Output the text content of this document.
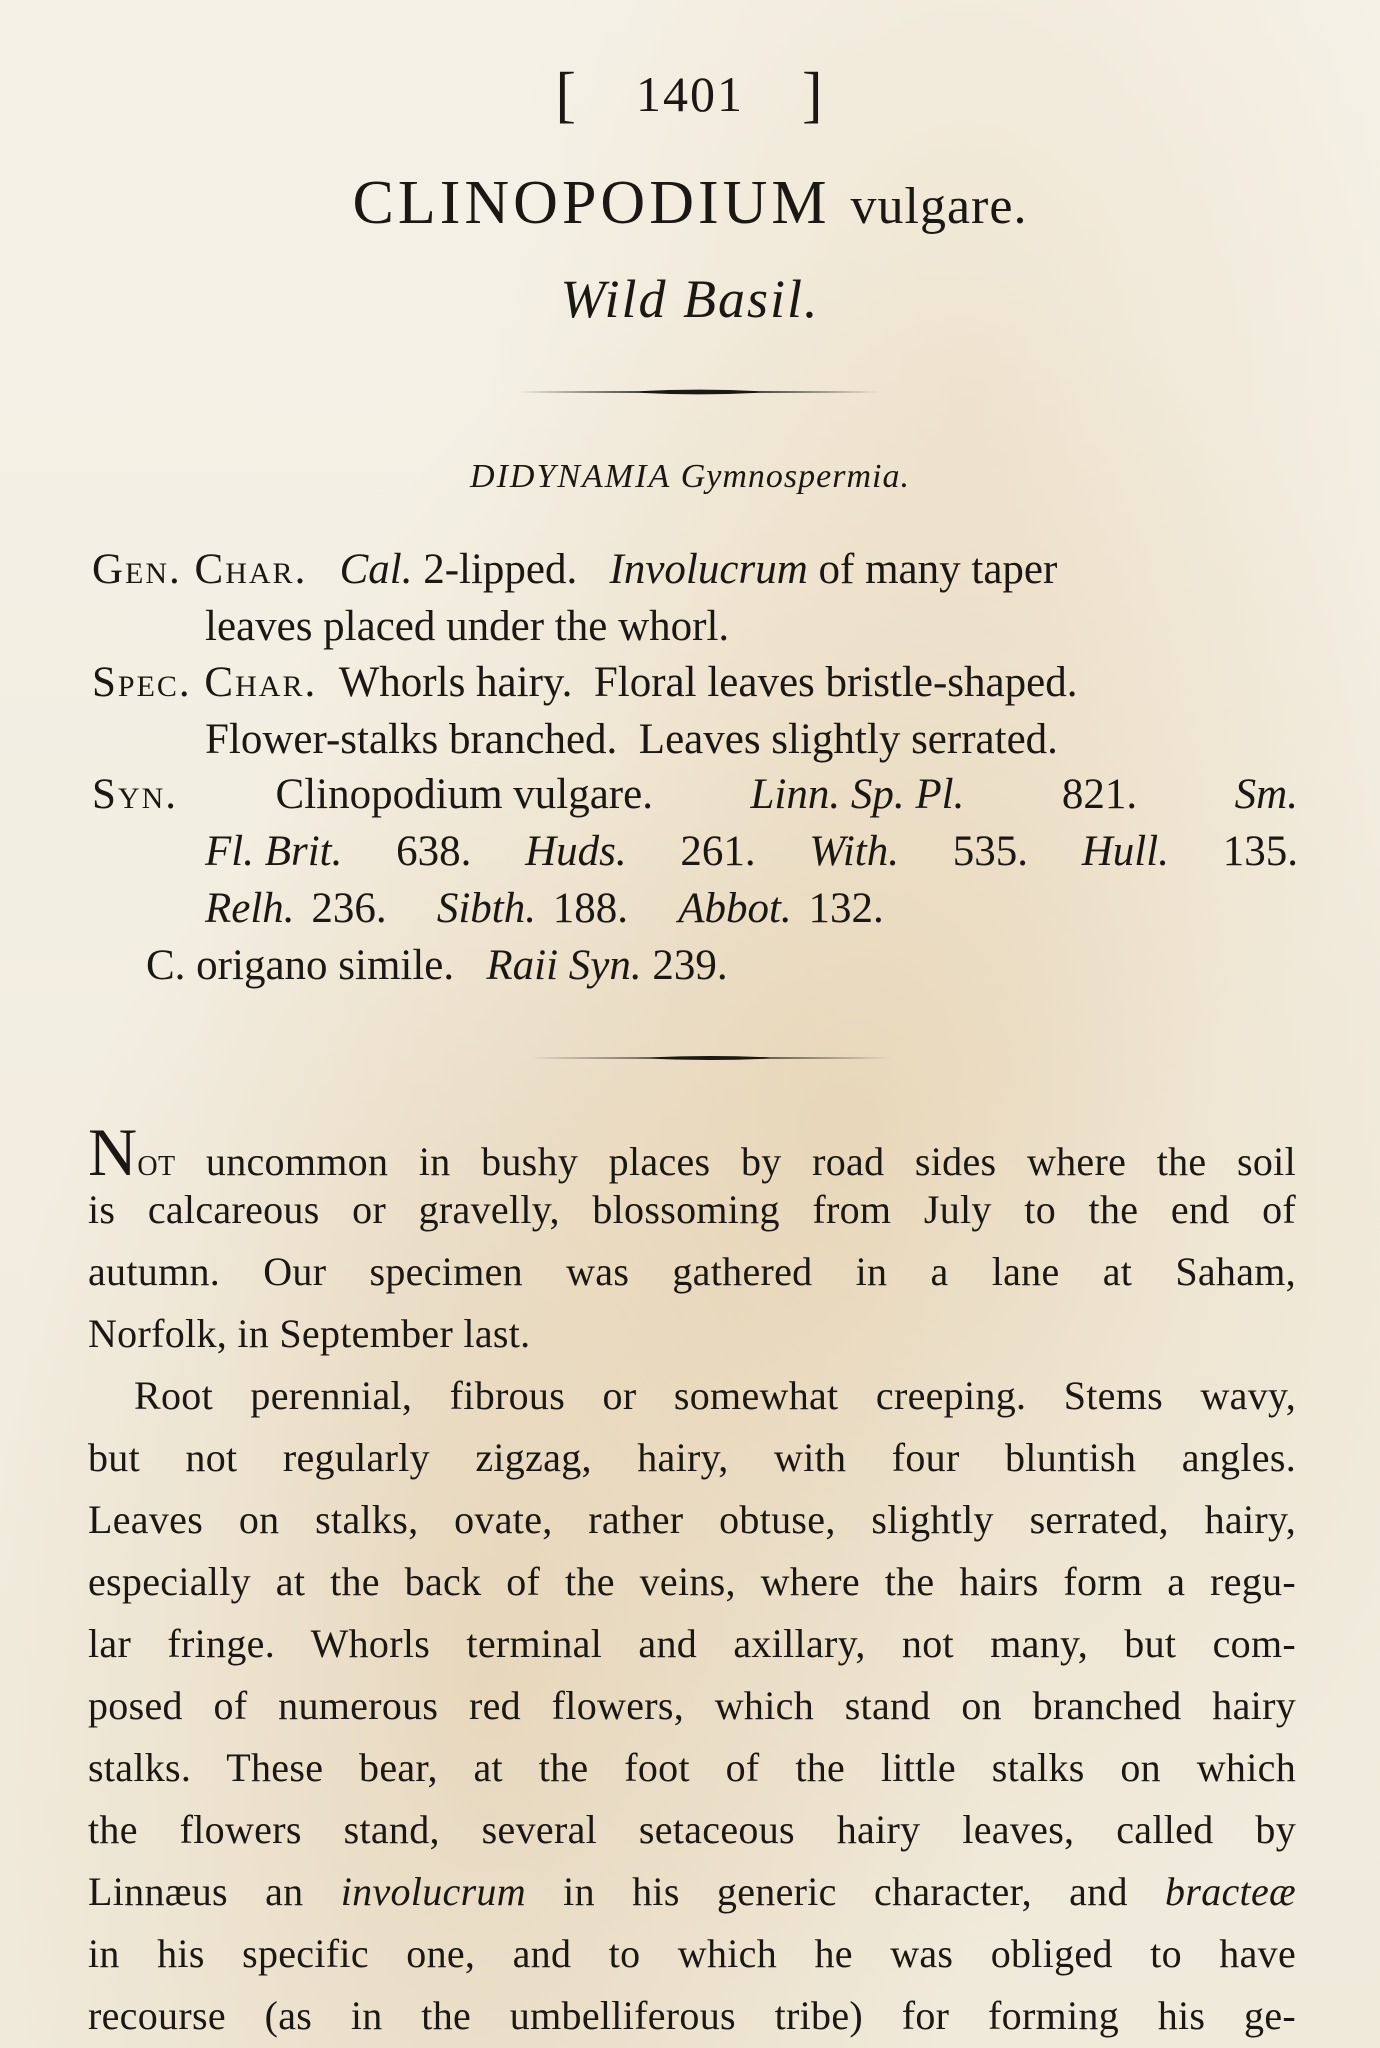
[ 1401 ]

CLINOPODIUM vulgare.

Wild Basil.

DIDYNAMIA Gymnospermia.

Gen. Char. Cal. 2-lipped. Involucrum of many taper

leaves placed under the whorl.

Spec. Char. Whorls hairy.  Floral leaves bristle-shaped.

Flower-stalks branched.  Leaves slightly serrated.

Syn. Clinopodium vulgare. Linn. Sp. Pl. 821. Sm.

Fl. Brit. 638. Huds. 261. With. 535. Hull. 135.

Relh. 236. Sibth. 188. Abbot. 132.

C. origano simile. Raii Syn. 239.

Not uncommon in bushy places by road sides where the soil

is calcareous or gravelly, blossoming from July to the end of

autumn. Our specimen was gathered in a lane at Saham,

Norfolk, in September last.

Root perennial, fibrous or somewhat creeping. Stems wavy,

but not regularly zigzag, hairy, with four bluntish angles.

Leaves on stalks, ovate, rather obtuse, slightly serrated, hairy,

especially at the back of the veins, where the hairs form a regu-

lar fringe. Whorls terminal and axillary, not many, but com-

posed of numerous red flowers, which stand on branched hairy

stalks. These bear, at the foot of the little stalks on which

the flowers stand, several setaceous hairy leaves, called by

Linnæus an involucrum in his generic character, and bracteæ

in his specific one, and to which he was obliged to have

recourse (as in the umbelliferous tribe) for forming his ge-
